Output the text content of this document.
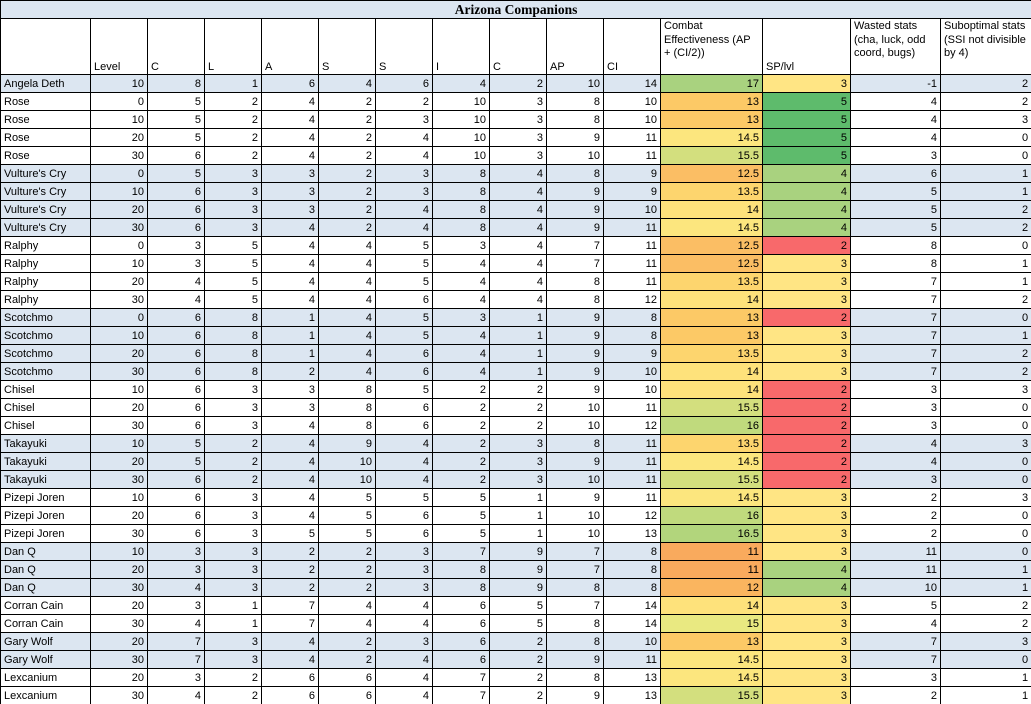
Arizona Companions														
	Level	C	L	A	S	S	I	C	AP	CI	Combat Effectiveness (AP + (CI/2))	SP/lvl	Wasted stats (cha, luck, odd coord, bugs)	Suboptimal stats (SSI not divisible by 4)
Angela Deth	10	8	1	6	4	6	4	2	10	14	17	3	-1	2
Rose	0	5	2	4	2	2	10	3	8	10	13	5	4	2
Rose	10	5	2	4	2	3	10	3	8	10	13	5	4	3
Rose	20	5	2	4	2	4	10	3	9	11	14.5	5	4	0
Rose	30	6	2	4	2	4	10	3	10	11	15.5	5	3	0
Vulture's Cry	0	5	3	3	2	3	8	4	8	9	12.5	4	6	1
Vulture's Cry	10	6	3	3	2	3	8	4	9	9	13.5	4	5	1
Vulture's Cry	20	6	3	3	2	4	8	4	9	10	14	4	5	2
Vulture's Cry	30	6	3	4	2	4	8	4	9	11	14.5	4	5	2
Ralphy	0	3	5	4	4	5	3	4	7	11	12.5	2	8	0
Ralphy	10	3	5	4	4	5	4	4	7	11	12.5	3	8	1
Ralphy	20	4	5	4	4	5	4	4	8	11	13.5	3	7	1
Ralphy	30	4	5	4	4	6	4	4	8	12	14	3	7	2
Scotchmo	0	6	8	1	4	5	3	1	9	8	13	2	7	0
Scotchmo	10	6	8	1	4	5	4	1	9	8	13	3	7	1
Scotchmo	20	6	8	1	4	6	4	1	9	9	13.5	3	7	2
Scotchmo	30	6	8	2	4	6	4	1	9	10	14	3	7	2
Chisel	10	6	3	3	8	5	2	2	9	10	14	2	3	3
Chisel	20	6	3	3	8	6	2	2	10	11	15.5	2	3	0
Chisel	30	6	3	4	8	6	2	2	10	12	16	2	3	0
Takayuki	10	5	2	4	9	4	2	3	8	11	13.5	2	4	3
Takayuki	20	5	2	4	10	4	2	3	9	11	14.5	2	4	0
Takayuki	30	6	2	4	10	4	2	3	10	11	15.5	2	3	0
Pizepi Joren	10	6	3	4	5	5	5	1	9	11	14.5	3	2	3
Pizepi Joren	20	6	3	4	5	6	5	1	10	12	16	3	2	0
Pizepi Joren	30	6	3	5	5	6	5	1	10	13	16.5	3	2	0
Dan Q	10	3	3	2	2	3	7	9	7	8	11	3	11	0
Dan Q	20	3	3	2	2	3	8	9	7	8	11	4	11	1
Dan Q	30	4	3	2	2	3	8	9	8	8	12	4	10	1
Corran Cain	20	3	1	7	4	4	6	5	7	14	14	3	5	2
Corran Cain	30	4	1	7	4	4	6	5	8	14	15	3	4	2
Gary Wolf	20	7	3	4	2	3	6	2	8	10	13	3	7	3
Gary Wolf	30	7	3	4	2	4	6	2	9	11	14.5	3	7	0
Lexcanium	20	3	2	6	6	4	7	2	8	13	14.5	3	3	1
Lexcanium	30	4	2	6	6	4	7	2	9	13	15.5	3	2	1
